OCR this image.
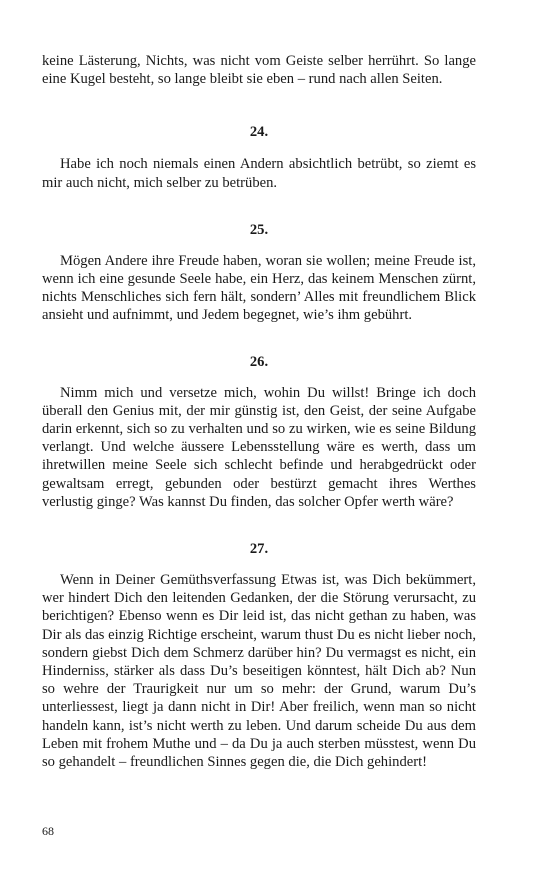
keine Lästerung, Nichts, was nicht vom Geiste selber herrührt. So lange eine Kugel besteht, so lange bleibt sie eben – rund nach allen Seiten.

24.

Habe ich noch niemals einen Andern absichtlich betrübt, so ziemt es mir auch nicht, mich selber zu betrüben.

25.

Mögen Andere ihre Freude haben, woran sie wollen; meine Freude ist, wenn ich eine gesunde Seele habe, ein Herz, das keinem Menschen zürnt, nichts Menschliches sich fern hält, sondern’ Alles mit freundlichem Blick ansieht und aufnimmt, und Jedem begegnet, wie’s ihm gebührt.

26.

Nimm mich und versetze mich, wohin Du willst! Bringe ich doch überall den Genius mit, der mir günstig ist, den Geist, der seine Aufgabe darin erkennt, sich so zu verhalten und so zu wirken, wie es seine Bildung verlangt. Und welche äussere Lebensstellung wäre es werth, dass um ihretwillen meine Seele sich schlecht befinde und herabgedrückt oder gewaltsam erregt, gebunden oder bestürzt gemacht ihres Werthes verlustig ginge? Was kannst Du finden, das solcher Opfer werth wäre?

27.

Wenn in Deiner Gemüthsverfassung Etwas ist, was Dich bekümmert, wer hindert Dich den leitenden Gedanken, der die Störung verursacht, zu berichtigen? Ebenso wenn es Dir leid ist, das nicht gethan zu haben, was Dir als das einzig Richtige erscheint, warum thust Du es nicht lieber noch, sondern giebst Dich dem Schmerz darüber hin? Du vermagst es nicht, ein Hinderniss, stärker als dass Du’s beseitigen könntest, hält Dich ab? Nun so wehre der Traurigkeit nur um so mehr: der Grund, warum Du’s unterliessest, liegt ja dann nicht in Dir! Aber freilich, wenn man so nicht handeln kann, ist’s nicht werth zu leben. Und darum scheide Du aus dem Leben mit frohem Muthe und – da Du ja auch sterben müsstest, wenn Du so gehandelt – freundlichen Sinnes gegen die, die Dich gehindert!

68
